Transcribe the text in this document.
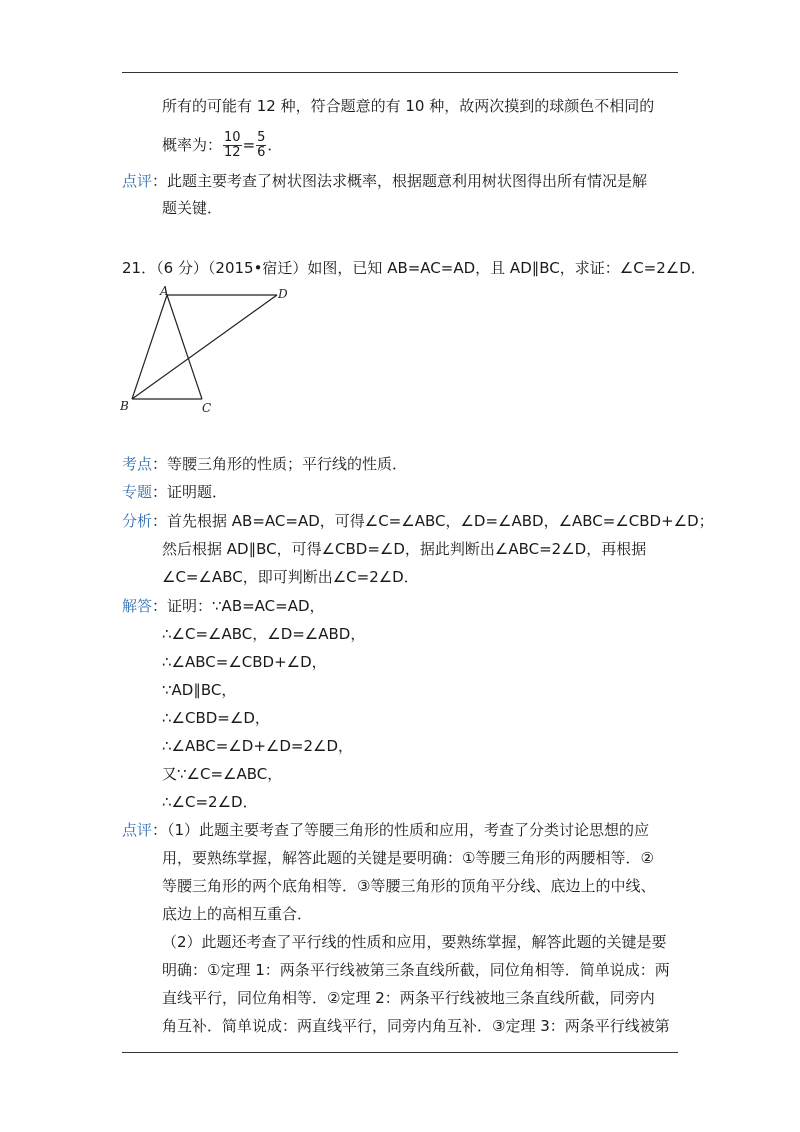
所有的可能有 12 种，符合题意的有 10 种，故两次摸到的球颜色不相同的
概率为： $\frac{10}{12} = \frac{5}{6}$ ．
点评：此题主要考查了树状图法求概率，根据题意利用树状图得出所有情况是解
题关键．
21．（6 分）（2015•宿迁）如图，已知 AB=AC=AD，且 AD∥BC，求证：∠C=2∠D．
A	D
B	C
考点：等腰三角形的性质；平行线的性质．
专题：证明题．
分析：首先根据 AB=AC=AD，可得∠C=∠ABC，∠D=∠ABD，∠ABC=∠CBD+∠D；
然后根据 AD∥BC，可得∠CBD=∠D，据此判断出∠ABC=2∠D，再根据
∠C=∠ABC，即可判断出∠C=2∠D．
解答：证明：∵AB=AC=AD，
∴∠C=∠ABC，∠D=∠ABD，
∴∠ABC=∠CBD+∠D，
∵AD∥BC，
∴∠CBD=∠D，
∴∠ABC=∠D+∠D=2∠D，
又∵∠C=∠ABC，
∴∠C=2∠D．
点评：（1）此题主要考查了等腰三角形的性质和应用，考查了分类讨论思想的应
用，要熟练掌握，解答此题的关键是要明确：①等腰三角形的两腰相等．②
等腰三角形的两个底角相等．③等腰三角形的顶角平分线、底边上的中线、
底边上的高相互重合．
（2）此题还考查了平行线的性质和应用，要熟练掌握，解答此题的关键是要
明确：①定理 1：两条平行线被第三条直线所截，同位角相等．简单说成：两
直线平行，同位角相等．②定理 2：两条平行线被地三条直线所截，同旁内
角互补．简单说成：两直线平行，同旁内角互补．③定理 3：两条平行线被第
